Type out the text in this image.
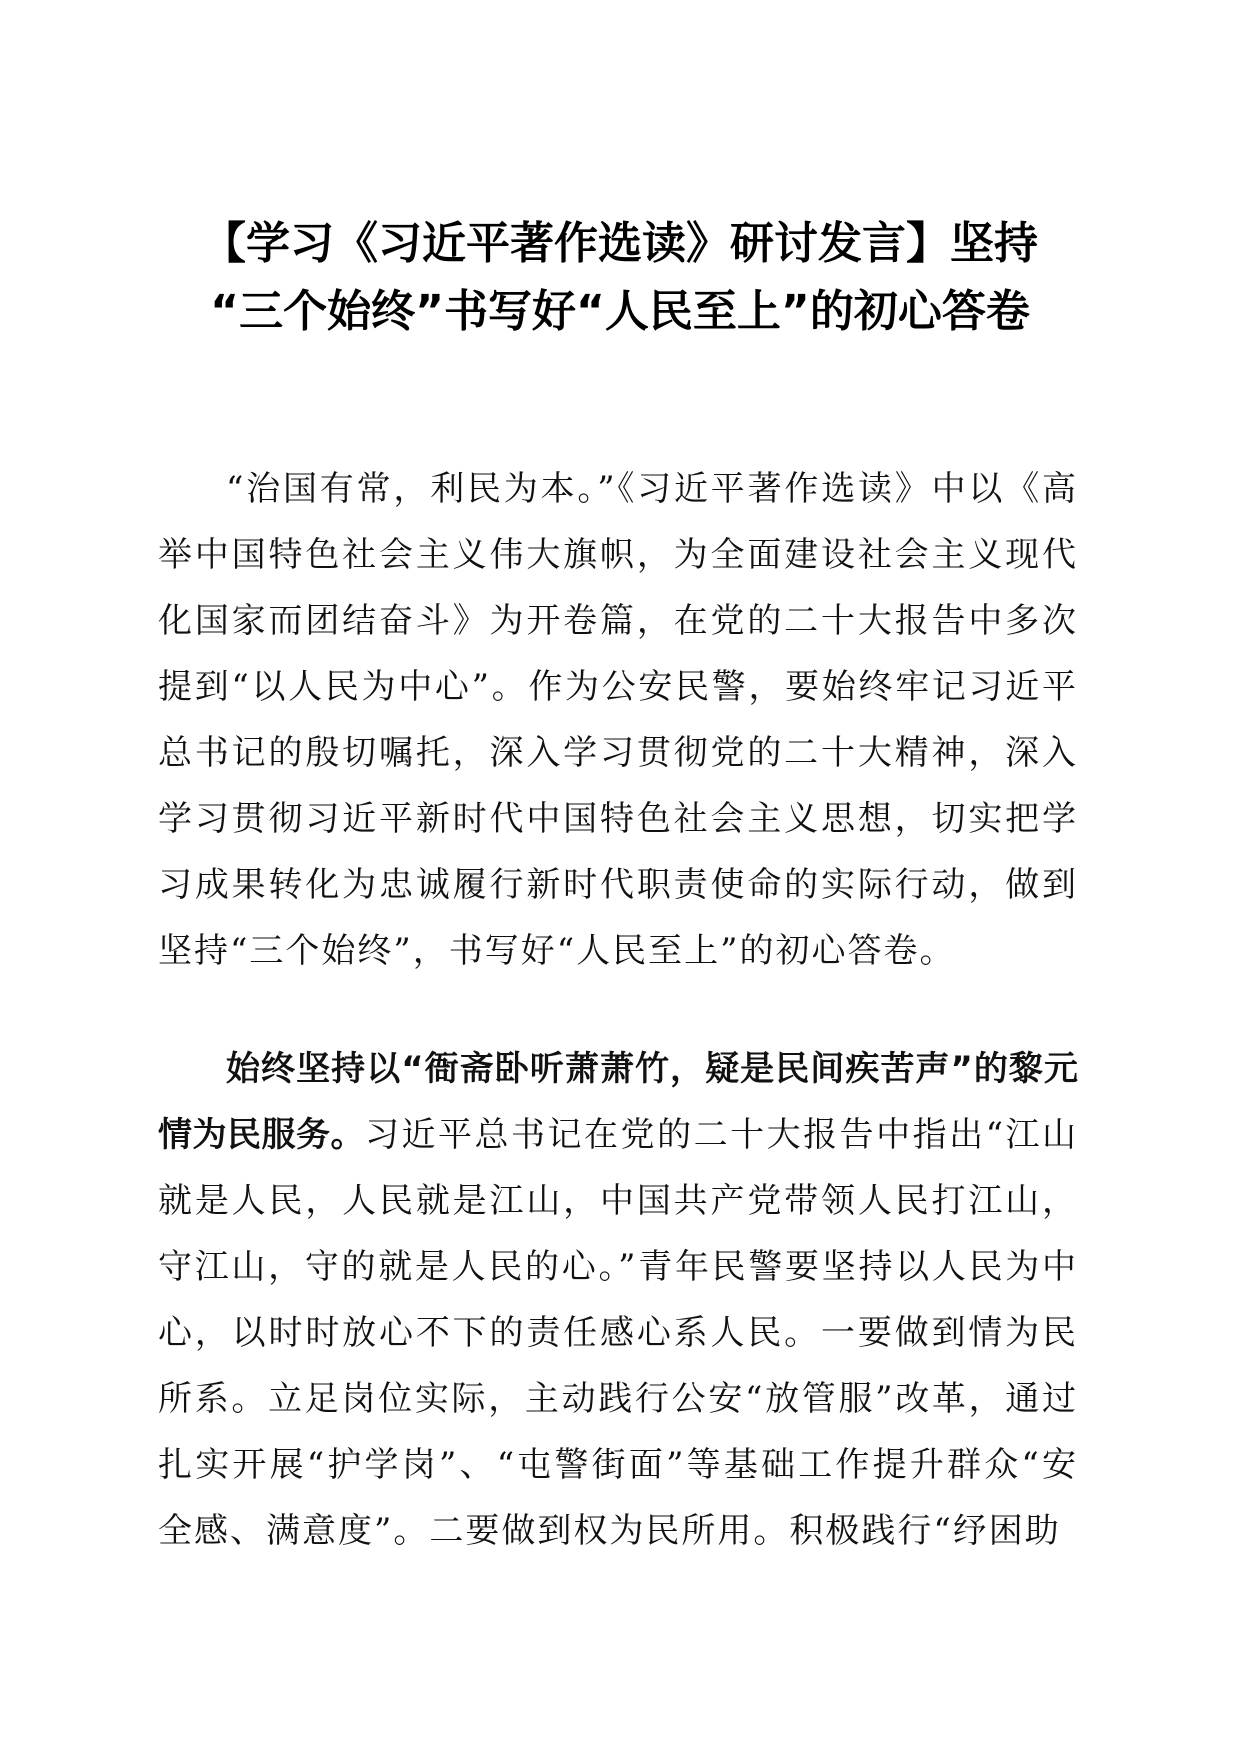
【学习《习近平著作选读》研讨发言】坚持
“三个始终”书写好“人民至上”的初心答卷

“治国有常，利民为本。”《习近平著作选读》中以《高举中国特色社会主义伟大旗帜，为全面建设社会主义现代化国家而团结奋斗》为开卷篇，在党的二十大报告中多次提到“以人民为中心”。作为公安民警，要始终牢记习近平总书记的殷切嘱托，深入学习贯彻党的二十大精神，深入学习贯彻习近平新时代中国特色社会主义思想，切实把学习成果转化为忠诚履行新时代职责使命的实际行动，做到坚持“三个始终”，书写好“人民至上”的初心答卷。

始终坚持以“衙斋卧听萧萧竹，疑是民间疾苦声”的黎元情为民服务。习近平总书记在党的二十大报告中指出“江山就是人民，人民就是江山，中国共产党带领人民打江山，守江山，守的就是人民的心。”青年民警要坚持以人民为中心，以时时放心不下的责任感心系人民。一要做到情为民所系。立足岗位实际，主动践行公安“放管服”改革，通过扎实开展“护学岗”、“屯警街面”等基础工作提升群众“安全感、满意度”。二要做到权为民所用。积极践行“纾困助
